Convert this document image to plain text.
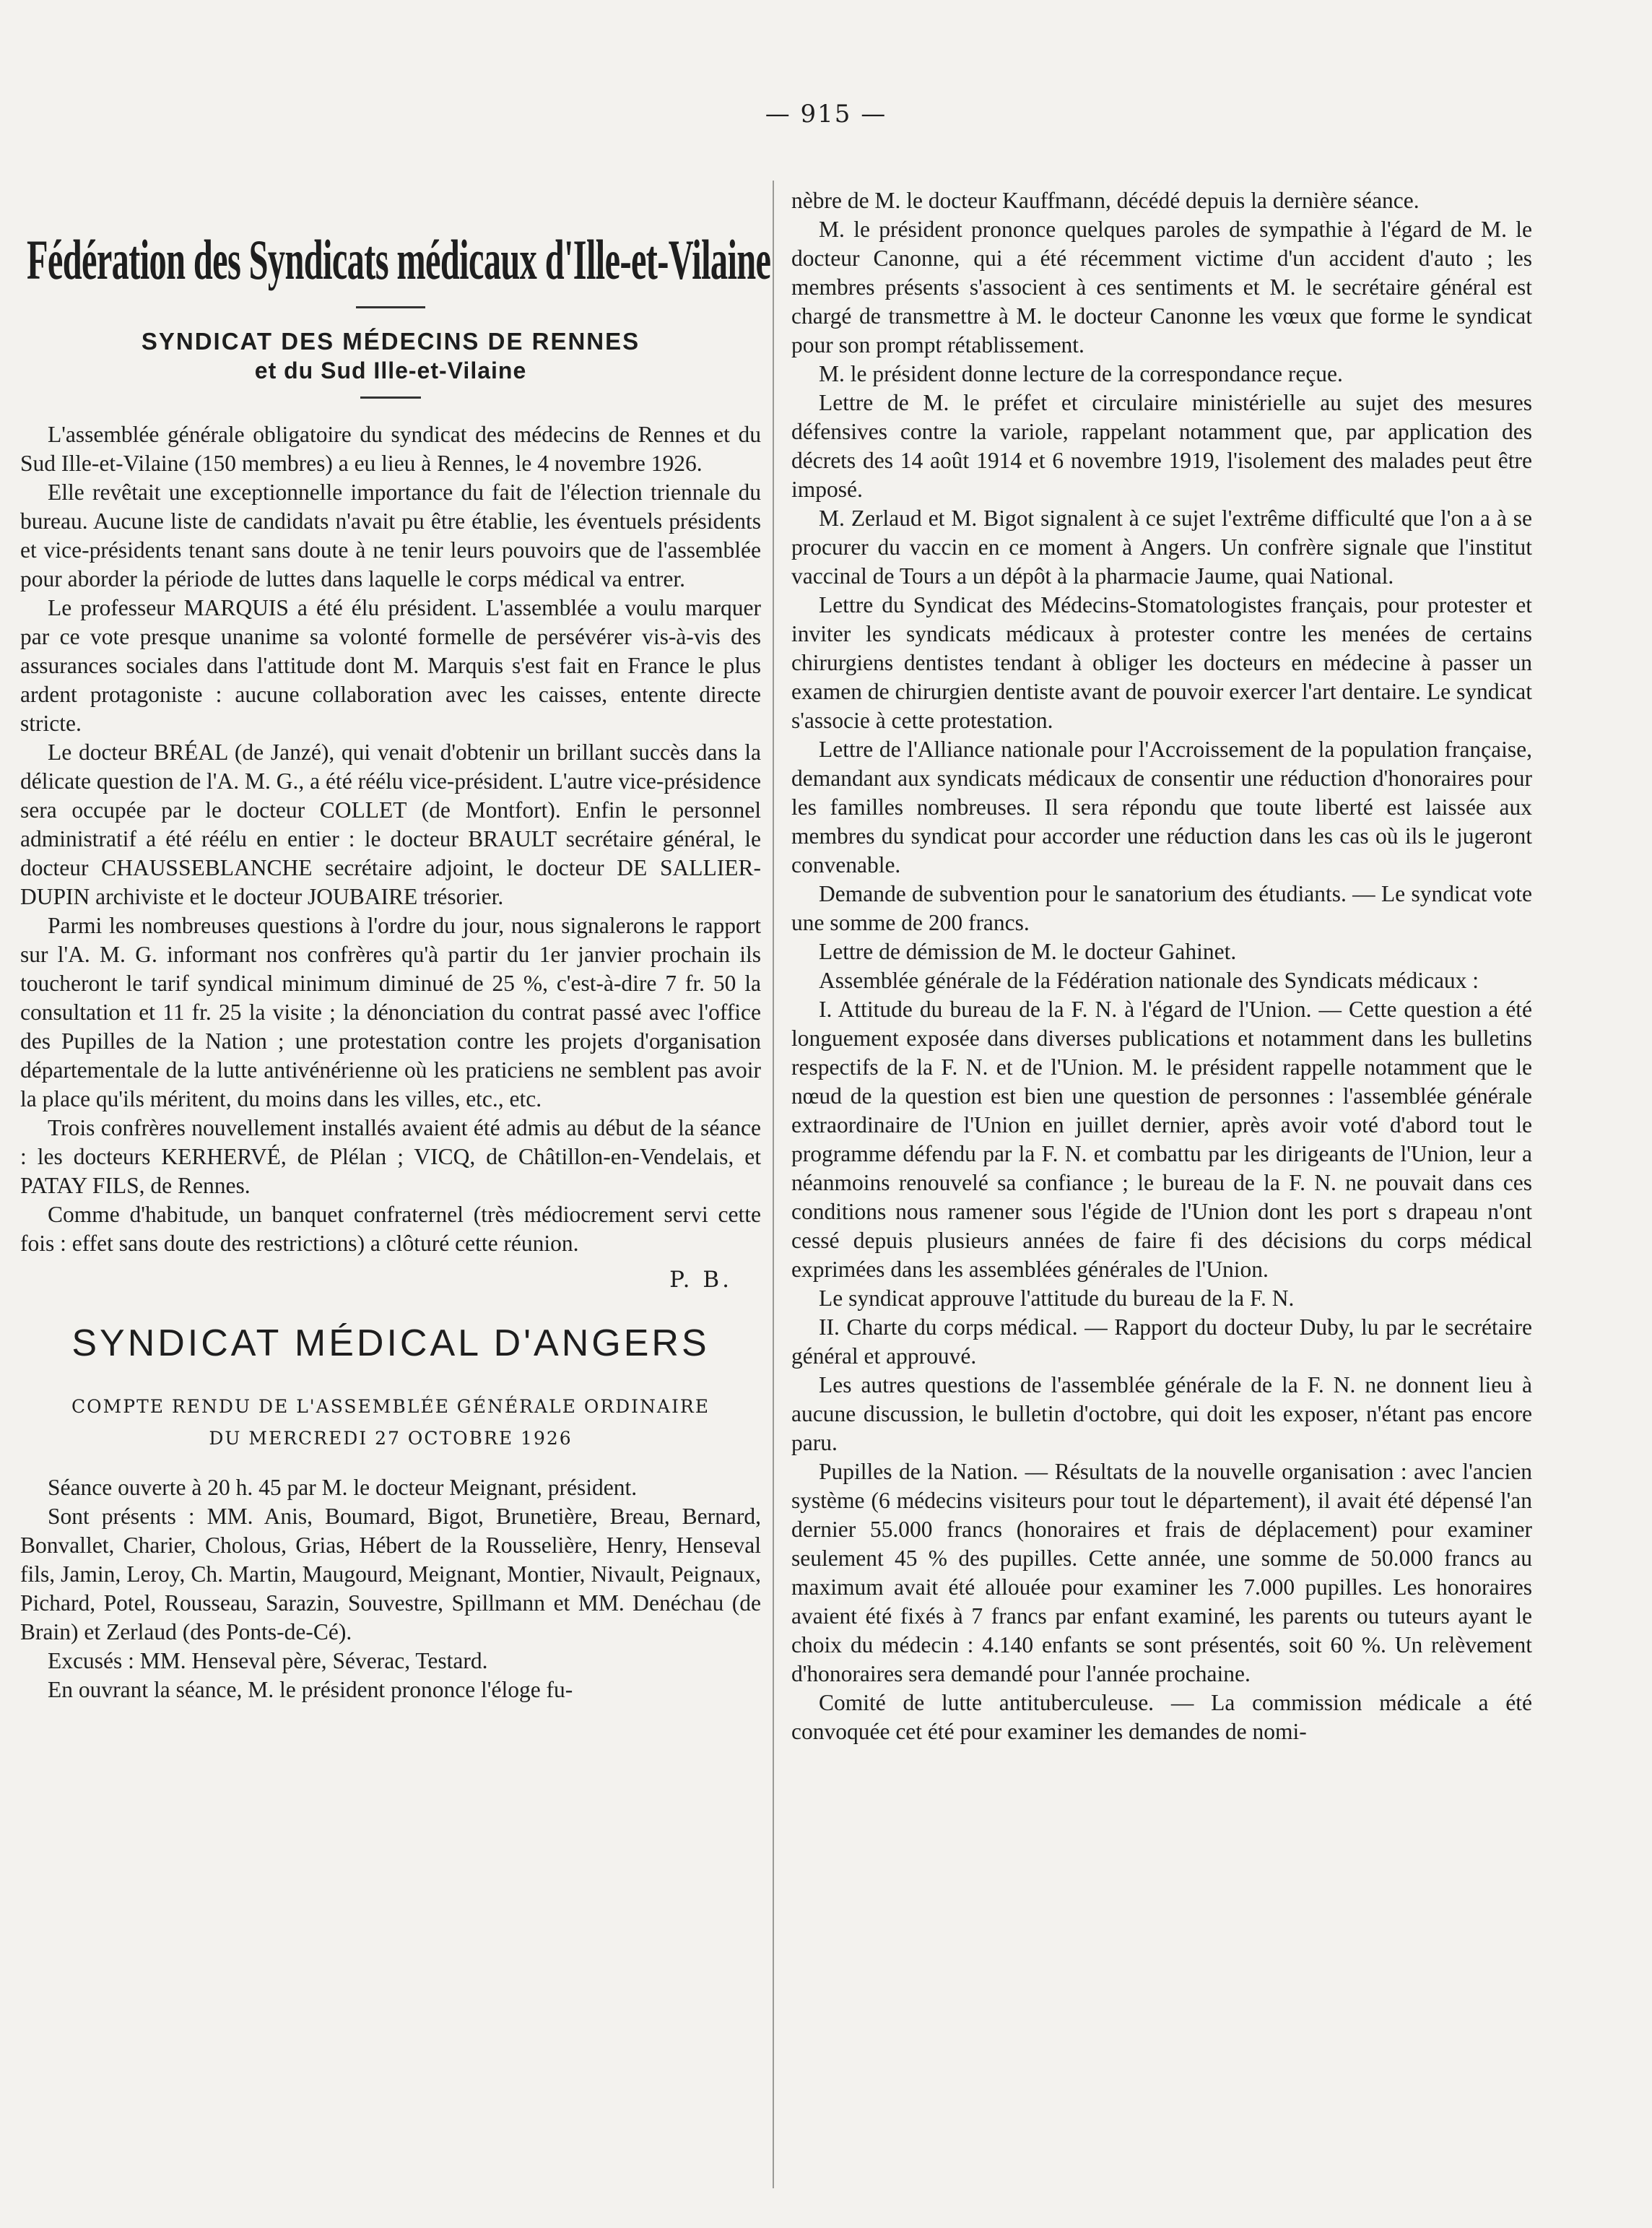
— 915 —
Fédération des Syndicats médicaux d'Ille-et-Vilaine
SYNDICAT DES MÉDECINS DE RENNES
et du Sud Ille-et-Vilaine

L'assemblée générale obligatoire du syndicat des médecins de Rennes et du Sud Ille-et-Vilaine (150 membres) a eu lieu à Rennes, le 4 novembre 1926.

Elle revêtait une exceptionnelle importance du fait de l'élection triennale du bureau. Aucune liste de candidats n'avait pu être établie, les éventuels présidents et vice-présidents tenant sans doute à ne tenir leurs pouvoirs que de l'assemblée pour aborder la période de luttes dans laquelle le corps médical va entrer.

Le professeur MARQUIS a été élu président. L'assemblée a voulu marquer par ce vote presque unanime sa volonté formelle de persévérer vis-à-vis des assurances sociales dans l'attitude dont M. Marquis s'est fait en France le plus ardent protagoniste : aucune collaboration avec les caisses, entente directe stricte.

Le docteur BRÉAL (de Janzé), qui venait d'obtenir un brillant succès dans la délicate question de l'A. M. G., a été réélu vice-président. L'autre vice-présidence sera occupée par le docteur COLLET (de Montfort). Enfin le personnel administratif a été réélu en entier : le docteur BRAULT secrétaire général, le docteur CHAUSSEBLANCHE secrétaire adjoint, le docteur DE SALLIER-DUPIN archiviste et le docteur JOUBAIRE trésorier.

Parmi les nombreuses questions à l'ordre du jour, nous signalerons le rapport sur l'A. M. G. informant nos confrères qu'à partir du 1er janvier prochain ils toucheront le tarif syndical minimum diminué de 25 %, c'est-à-dire 7 fr. 50 la consultation et 11 fr. 25 la visite ; la dénonciation du contrat passé avec l'office des Pupilles de la Nation ; une protestation contre les projets d'organisation départementale de la lutte antivénérienne où les praticiens ne semblent pas avoir la place qu'ils méritent, du moins dans les villes, etc., etc.

Trois confrères nouvellement installés avaient été admis au début de la séance : les docteurs KERHERVÉ, de Plélan ; VICQ, de Châtillon-en-Vendelais, et PATAY FILS, de Rennes.

Comme d'habitude, un banquet confraternel (très médiocrement servi cette fois : effet sans doute des restrictions) a clôturé cette réunion.

P. B.
SYNDICAT MÉDICAL D'ANGERS
COMPTE RENDU DE L'ASSEMBLÉE GÉNÉRALE ORDINAIRE
DU MERCREDI 27 OCTOBRE 1926

Séance ouverte à 20 h. 45 par M. le docteur Meignant, président.

Sont présents : MM. Anis, Boumard, Bigot, Brunetière, Breau, Bernard, Bonvallet, Charier, Cholous, Grias, Hébert de la Rousselière, Henry, Henseval fils, Jamin, Leroy, Ch. Martin, Maugourd, Meignant, Montier, Nivault, Peignaux, Pichard, Potel, Rousseau, Sarazin, Souvestre, Spillmann et MM. Denéchau (de Brain) et Zerlaud (des Ponts-de-Cé).

Excusés : MM. Henseval père, Séverac, Testard.

En ouvrant la séance, M. le président prononce l'éloge fu-

nèbre de M. le docteur Kauffmann, décédé depuis la dernière séance.

M. le président prononce quelques paroles de sympathie à l'égard de M. le docteur Canonne, qui a été récemment victime d'un accident d'auto ; les membres présents s'associent à ces sentiments et M. le secrétaire général est chargé de transmettre à M. le docteur Canonne les vœux que forme le syndicat pour son prompt rétablissement.

M. le président donne lecture de la correspondance reçue.

Lettre de M. le préfet et circulaire ministérielle au sujet des mesures défensives contre la variole, rappelant notamment que, par application des décrets des 14 août 1914 et 6 novembre 1919, l'isolement des malades peut être imposé.

M. Zerlaud et M. Bigot signalent à ce sujet l'extrême difficulté que l'on a à se procurer du vaccin en ce moment à Angers. Un confrère signale que l'institut vaccinal de Tours a un dépôt à la pharmacie Jaume, quai National.

Lettre du Syndicat des Médecins-Stomatologistes français, pour protester et inviter les syndicats médicaux à protester contre les menées de certains chirurgiens dentistes tendant à obliger les docteurs en médecine à passer un examen de chirurgien dentiste avant de pouvoir exercer l'art dentaire. Le syndicat s'associe à cette protestation.

Lettre de l'Alliance nationale pour l'Accroissement de la population française, demandant aux syndicats médicaux de consentir une réduction d'honoraires pour les familles nombreuses. Il sera répondu que toute liberté est laissée aux membres du syndicat pour accorder une réduction dans les cas où ils le jugeront convenable.

Demande de subvention pour le sanatorium des étudiants. — Le syndicat vote une somme de 200 francs.

Lettre de démission de M. le docteur Gahinet.

Assemblée générale de la Fédération nationale des Syndicats médicaux :

I. Attitude du bureau de la F. N. à l'égard de l'Union. — Cette question a été longuement exposée dans diverses publications et notamment dans les bulletins respectifs de la F. N. et de l'Union. M. le président rappelle notamment que le nœud de la question est bien une question de personnes : l'assemblée générale extraordinaire de l'Union en juillet dernier, après avoir voté d'abord tout le programme défendu par la F. N. et combattu par les dirigeants de l'Union, leur a néanmoins renouvelé sa confiance ; le bureau de la F. N. ne pouvait dans ces conditions nous ramener sous l'égide de l'Union dont les port s drapeau n'ont cessé depuis plusieurs années de faire fi des décisions du corps médical exprimées dans les assemblées générales de l'Union.

Le syndicat approuve l'attitude du bureau de la F. N.

II. Charte du corps médical. — Rapport du docteur Duby, lu par le secrétaire général et approuvé.

Les autres questions de l'assemblée générale de la F. N. ne donnent lieu à aucune discussion, le bulletin d'octobre, qui doit les exposer, n'étant pas encore paru.

Pupilles de la Nation. — Résultats de la nouvelle organisation : avec l'ancien système (6 médecins visiteurs pour tout le département), il avait été dépensé l'an dernier 55.000 francs (honoraires et frais de déplacement) pour examiner seulement 45 % des pupilles. Cette année, une somme de 50.000 francs au maximum avait été allouée pour examiner les 7.000 pupilles. Les honoraires avaient été fixés à 7 francs par enfant examiné, les parents ou tuteurs ayant le choix du médecin : 4.140 enfants se sont présentés, soit 60 %. Un relèvement d'honoraires sera demandé pour l'année prochaine.

Comité de lutte antituberculeuse. — La commission médicale a été convoquée cet été pour examiner les demandes de nomi-
